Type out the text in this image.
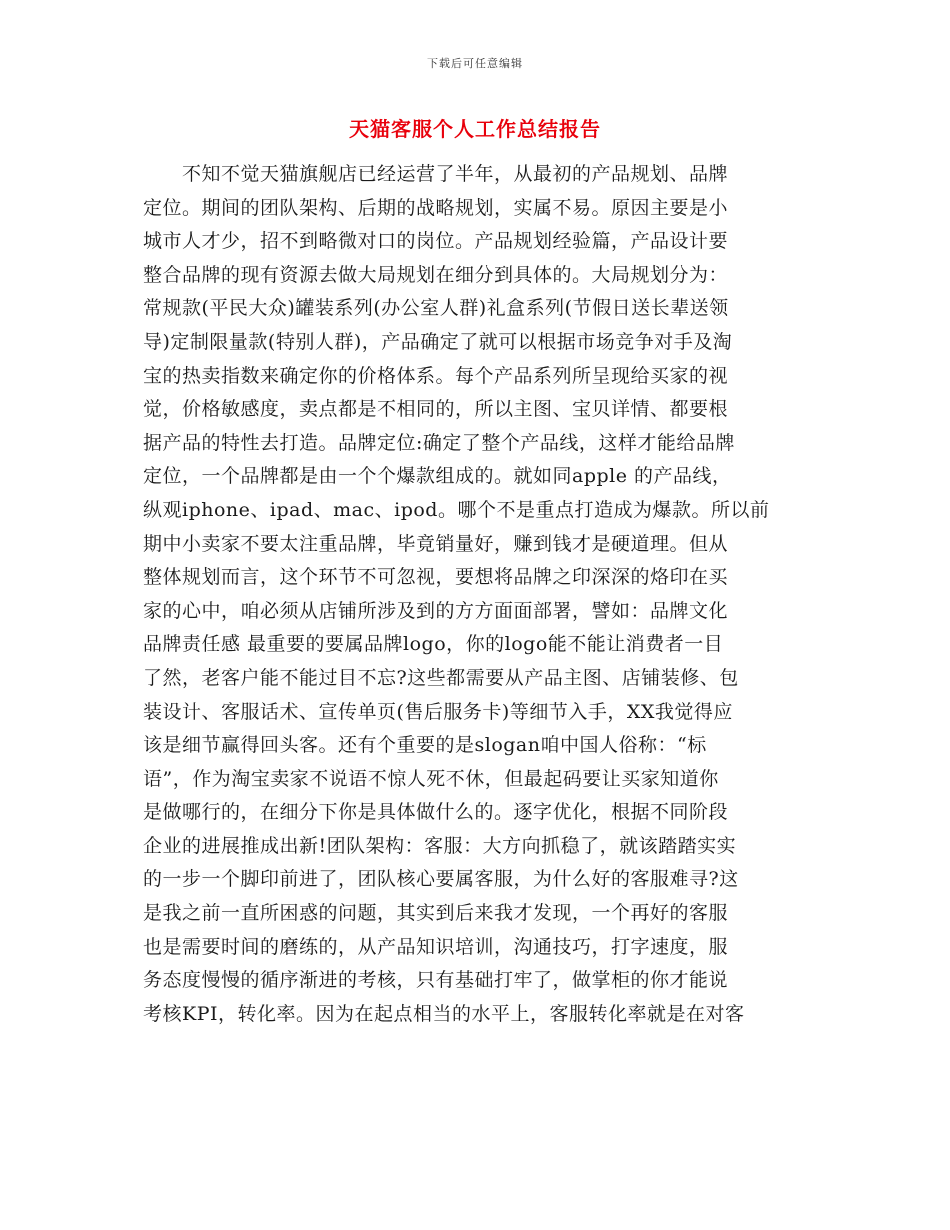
下载后可任意编辑
天猫客服个人工作总结报告
　　不知不觉天猫旗舰店已经运营了半年，从最初的产品规划、品牌
定位。期间的团队架构、后期的战略规划，实属不易。原因主要是小
城市人才少，招不到略微对口的岗位。产品规划经验篇，产品设计要
整合品牌的现有资源去做大局规划在细分到具体的。大局规划分为：
常规款(平民大众)罐装系列(办公室人群)礼盒系列(节假日送长辈送领
导)定制限量款(特别人群)，产品确定了就可以根据市场竞争对手及淘
宝的热卖指数来确定你的价格体系。每个产品系列所呈现给买家的视
觉，价格敏感度，卖点都是不相同的，所以主图、宝贝详情、都要根
据产品的特性去打造。品牌定位:确定了整个产品线，这样才能给品牌
定位，一个品牌都是由一个个爆款组成的。就如同apple 的产品线，
纵观iphone、ipad、mac、ipod。哪个不是重点打造成为爆款。所以前
期中小卖家不要太注重品牌，毕竟销量好，赚到钱才是硬道理。但从
整体规划而言，这个环节不可忽视，要想将品牌之印深深的烙印在买
家的心中，咱必须从店铺所涉及到的方方面面部署，譬如：品牌文化
品牌责任感 最重要的要属品牌logo，你的logo能不能让消费者一目
了然，老客户能不能过目不忘?这些都需要从产品主图、店铺装修、包
装设计、客服话术、宣传单页(售后服务卡)等细节入手，XX我觉得应
该是细节赢得回头客。还有个重要的是slogan咱中国人俗称：“标
语”，作为淘宝卖家不说语不惊人死不休，但最起码要让买家知道你
是做哪行的，在细分下你是具体做什么的。逐字优化，根据不同阶段
企业的进展推成出新!团队架构：客服：大方向抓稳了，就该踏踏实实
的一步一个脚印前进了，团队核心要属客服，为什么好的客服难寻?这
是我之前一直所困惑的问题，其实到后来我才发现，一个再好的客服
也是需要时间的磨练的，从产品知识培训，沟通技巧，打字速度，服
务态度慢慢的循序渐进的考核，只有基础打牢了，做掌柜的你才能说
考核KPI，转化率。因为在起点相当的水平上，客服转化率就是在对客
